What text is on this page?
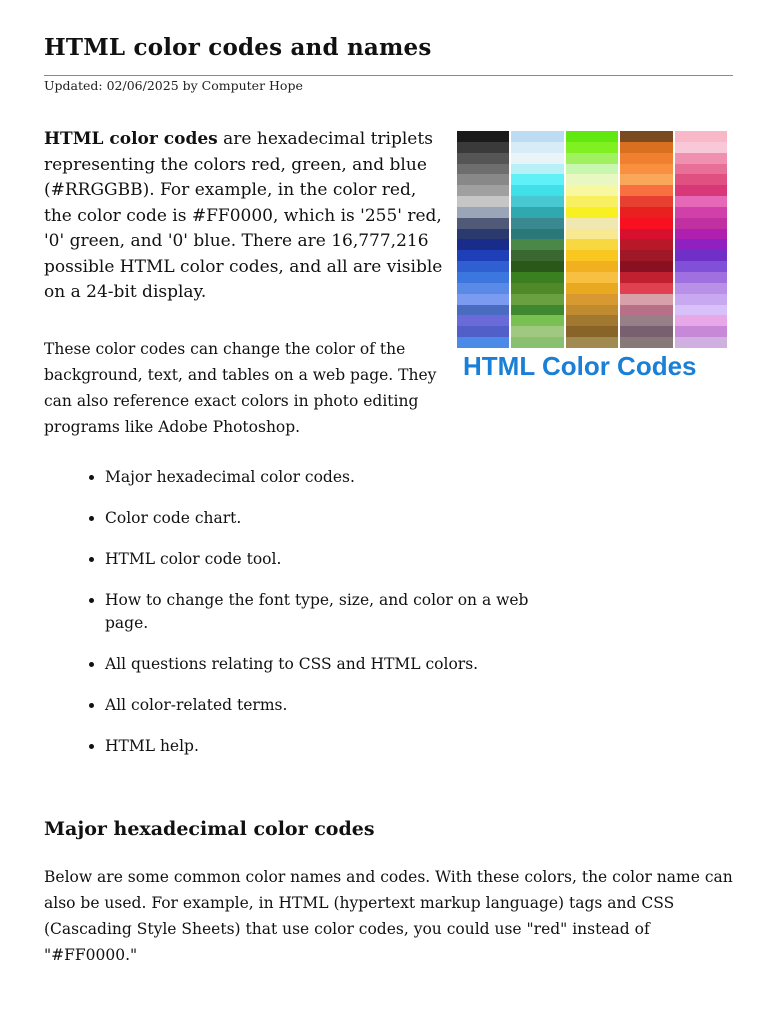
HTML color codes and names
Updated: 02/06/2025 by Computer Hope

HTML color codes are hexadecimal triplets representing the colors red, green, and blue (#RRGGBB). For example, in the color red, the color code is #FF0000, which is '255' red, '0' green, and '0' blue. There are 16,777,216 possible HTML color codes, and all are visible on a 24-bit display.

HTML Color Codes

These color codes can change the color of the background, text, and tables on a web page. They can also reference exact colors in photo editing programs like Adobe Photoshop.

• Major hexadecimal color codes.
• Color code chart.
• HTML color code tool.
• How to change the font type, size, and color on a web page.
• All questions relating to CSS and HTML colors.
• All color-related terms.
• HTML help.
Major hexadecimal color codes

Below are some common color names and codes. With these colors, the color name can also be used. For example, in HTML (hypertext markup language) tags and CSS (Cascading Style Sheets) that use color codes, you could use "red" instead of "#FF0000."
